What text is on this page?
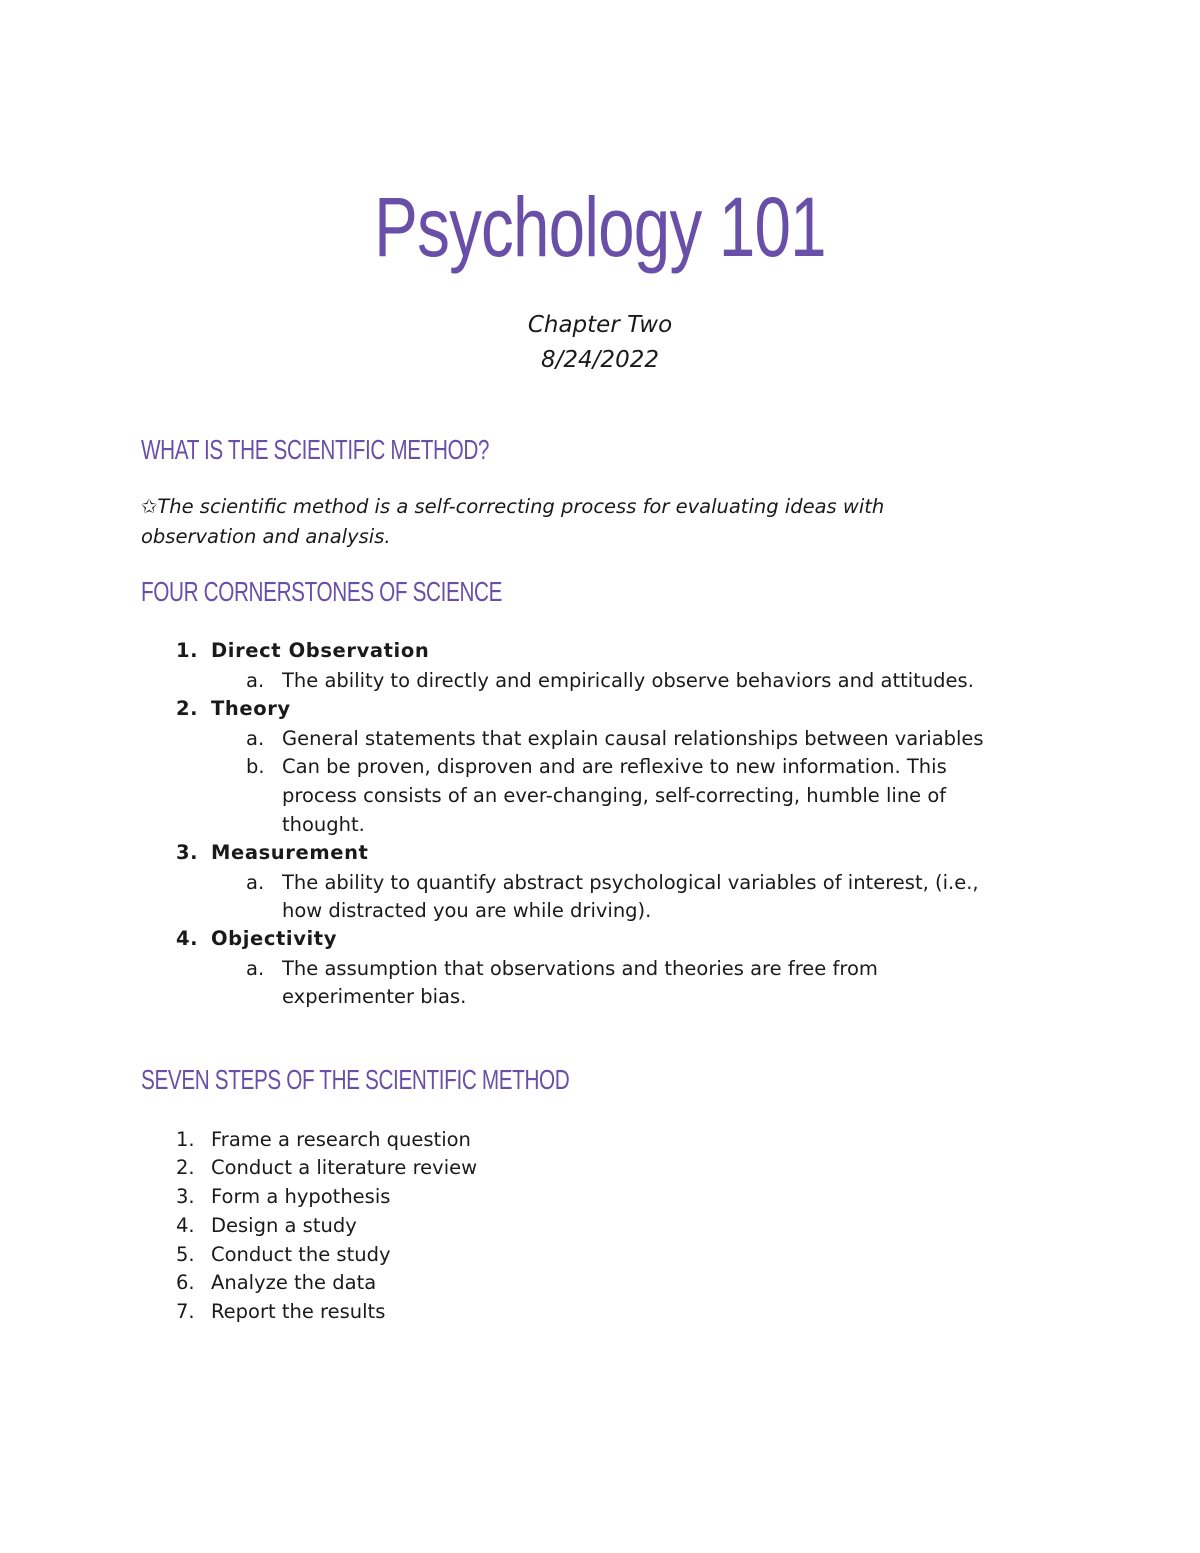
Psychology 101
Chapter Two
8/24/2022
WHAT IS THE SCIENTIFIC METHOD?
✩The scientific method is a self-correcting process for evaluating ideas with
observation and analysis.
FOUR CORNERSTONES OF SCIENCE
1. Direct Observation
a. The ability to directly and empirically observe behaviors and attitudes.
2. Theory
a. General statements that explain causal relationships between variables
b. Can be proven, disproven and are reflexive to new information. This
process consists of an ever-changing, self-correcting, humble line of
thought.
3. Measurement
a. The ability to quantify abstract psychological variables of interest, (i.e.,
how distracted you are while driving).
4. Objectivity
a. The assumption that observations and theories are free from
experimenter bias.
SEVEN STEPS OF THE SCIENTIFIC METHOD
1. Frame a research question
2. Conduct a literature review
3. Form a hypothesis
4. Design a study
5. Conduct the study
6. Analyze the data
7. Report the results
